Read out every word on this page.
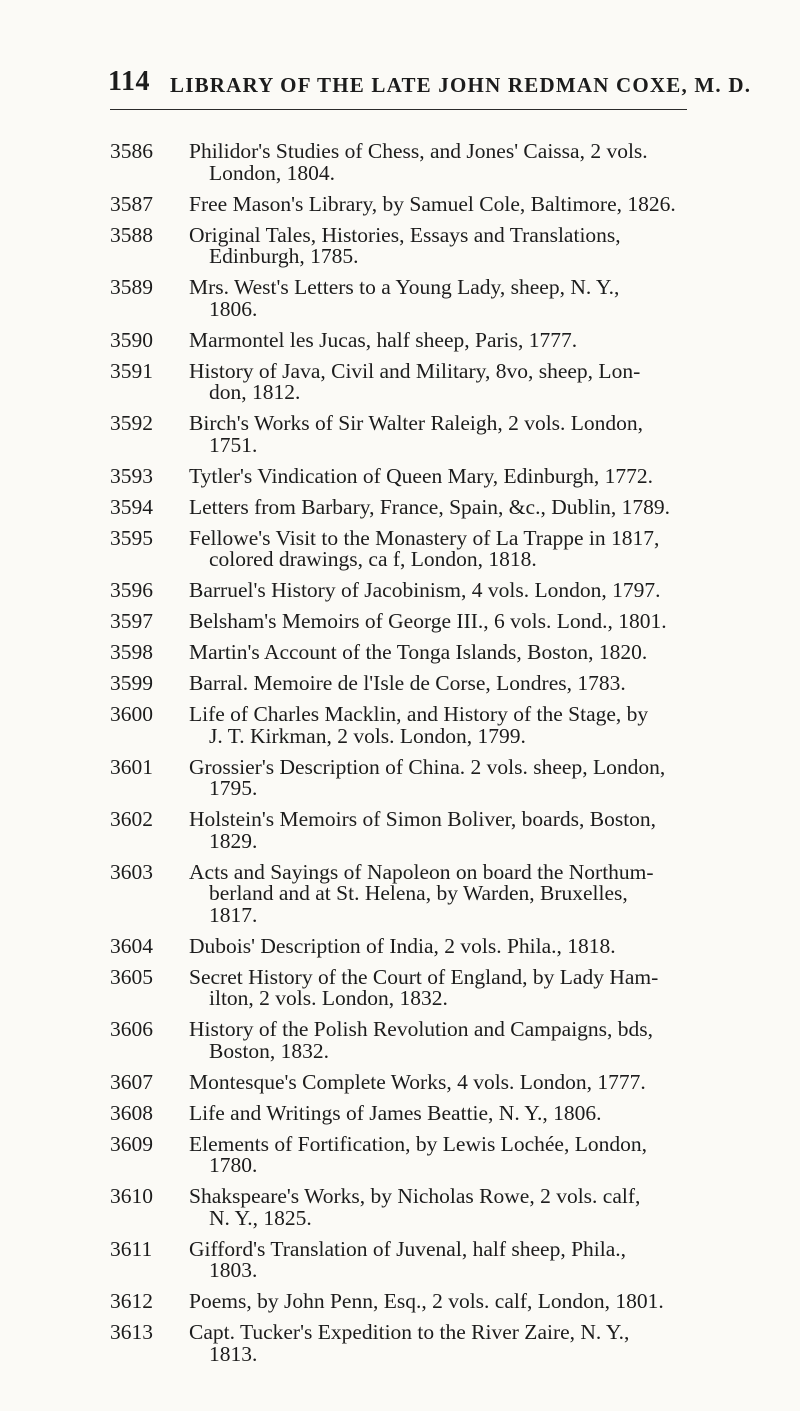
114 LIBRARY OF THE LATE JOHN REDMAN COXE, M. D.
3586	Philidor's Studies of Chess, and Jones' Caissa, 2 vols.
London, 1804.
3587	Free Mason's Library, by Samuel Cole, Baltimore, 1826.
3588	Original Tales, Histories, Essays and Translations,
Edinburgh, 1785.
3589	Mrs. West's Letters to a Young Lady, sheep, N. Y.,
1806.
3590	Marmontel les Jucas, half sheep, Paris, 1777.
3591	History of Java, Civil and Military, 8vo, sheep, Lon-
don, 1812.
3592	Birch's Works of Sir Walter Raleigh, 2 vols. London,
1751.
3593	Tytler's Vindication of Queen Mary, Edinburgh, 1772.
3594	Letters from Barbary, France, Spain, &c., Dublin, 1789.
3595	Fellowe's Visit to the Monastery of La Trappe in 1817,
colored drawings, ca f, London, 1818.
3596	Barruel's History of Jacobinism, 4 vols. London, 1797.
3597	Belsham's Memoirs of George III., 6 vols. Lond., 1801.
3598	Martin's Account of the Tonga Islands, Boston, 1820.
3599	Barral. Memoire de l'Isle de Corse, Londres, 1783.
3600	Life of Charles Macklin, and History of the Stage, by
J. T. Kirkman, 2 vols. London, 1799.
3601	Grossier's Description of China. 2 vols. sheep, London,
1795.
3602	Holstein's Memoirs of Simon Boliver, boards, Boston,
1829.
3603	Acts and Sayings of Napoleon on board the Northum-
berland and at St. Helena, by Warden, Bruxelles,
1817.
3604	Dubois' Description of India, 2 vols. Phila., 1818.
3605	Secret History of the Court of England, by Lady Ham-
ilton, 2 vols. London, 1832.
3606	History of the Polish Revolution and Campaigns, bds,
Boston, 1832.
3607	Montesque's Complete Works, 4 vols. London, 1777.
3608	Life and Writings of James Beattie, N. Y., 1806.
3609	Elements of Fortification, by Lewis Lochée, London,
1780.
3610	Shakspeare's Works, by Nicholas Rowe, 2 vols. calf,
N. Y., 1825.
3611	Gifford's Translation of Juvenal, half sheep, Phila.,
1803.
3612	Poems, by John Penn, Esq., 2 vols. calf, London, 1801.
3613	Capt. Tucker's Expedition to the River Zaire, N. Y.,
1813.
